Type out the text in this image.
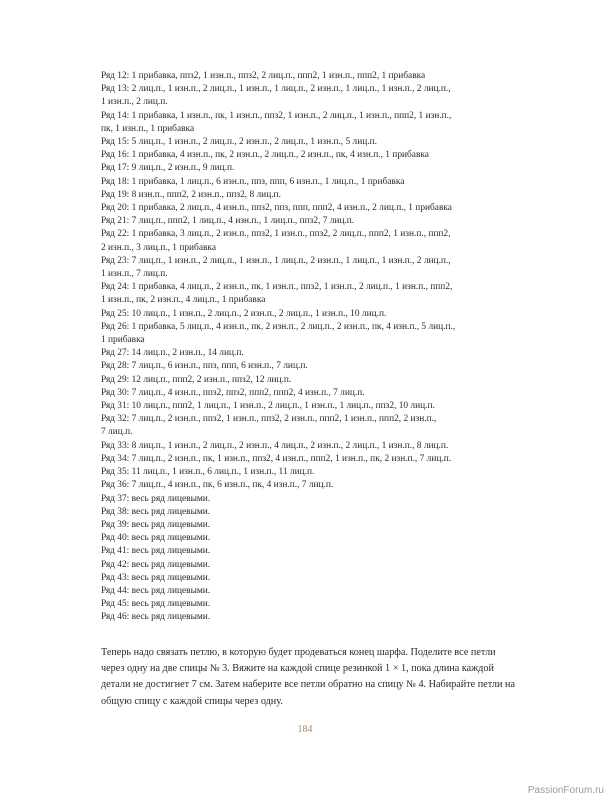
Ряд 12: 1 прибавка, ппз2, 1 изн.п., ппз2, 2 лиц.п., ппп2, 1 изн.п., ппп2, 1 прибавка

Ряд 13: 2 лиц.п., 1 изн.п., 2 лиц.п., 1 изн.п., 1 лиц.п., 2 изн.п., 1 лиц.п., 1 изн.п., 2 лиц.п.,

1 изн.п., 2 лиц.п.

Ряд 14: 1 прибавка, 1 изн.п., пк, 1 изн.п., ппз2, 1 изн.п., 2 лиц.п., 1 изн.п., ппп2, 1 изн.п.,

пк, 1 изн.п., 1 прибавка

Ряд 15: 5 лиц.п., 1 изн.п., 2 лиц.п., 2 изн.п., 2 лиц.п., 1 изн.п., 5 лиц.п.

Ряд 16: 1 прибавка, 4 изн.п., пк, 2 изн.п., 2 лиц.п., 2 изн.п., пк, 4 изн.п., 1 прибавка

Ряд 17: 9 лиц.п., 2 изн.п., 9 лиц.п.

Ряд 18: 1 прибавка, 1 лиц.п., 6 изн.п., ппз, ппп, 6 изн.п., 1 лиц.п., 1 прибавка

Ряд 19: 8 изн.п., ппп2, 2 изн.п., ппз2, 8 лиц.п.

Ряд 20: 1 прибавка, 2 лиц.п., 4 изн.п., ппз2, ппз, ппп, ппп2, 4 изн.п., 2 лиц.п., 1 прибавка

Ряд 21: 7 лиц.п., ппп2, 1 лиц.п., 4 изн.п., 1 лиц.п., ппз2, 7 лиц.п.

Ряд 22: 1 прибавка, 3 лиц.п., 2 изн.п., ппз2, 1 изн.п., ппз2, 2 лиц.п., ппп2, 1 изн.п., ппп2,

2 изн.п., 3 лиц.п., 1 прибавка

Ряд 23: 7 лиц.п., 1 изн.п., 2 лиц.п., 1 изн.п., 1 лиц.п., 2 изн.п., 1 лиц.п., 1 изн.п., 2 лиц.п.,

1 изн.п., 7 лиц.п.

Ряд 24: 1 прибавка, 4 лиц.п., 2 изн.п., пк, 1 изн.п., ппз2, 1 изн.п., 2 лиц.п., 1 изн.п., ппп2,

1 изн.п., пк, 2 изн.п., 4 лиц.п., 1 прибавка

Ряд 25: 10 лиц.п., 1 изн.п., 2 лиц.п., 2 изн.п., 2 лиц.п., 1 изн.п., 10 лиц.п.

Ряд 26: 1 прибавка, 5 лиц.п., 4 изн.п., пк, 2 изн.п., 2 лиц.п., 2 изн.п., пк, 4 изн.п., 5 лиц.п.,

1 прибавка

Ряд 27: 14 лиц.п., 2 изн.п., 14 лиц.п.

Ряд 28: 7 лиц.п., 6 изн.п., ппз, ппп, 6 изн.п., 7 лиц.п.

Ряд 29: 12 лиц.п., ппп2, 2 изн.п., ппз2, 12 лиц.п.

Ряд 30: 7 лиц.п., 4 изн.п., ппз2, ппз2, ппп2, ппп2, 4 изн.п., 7 лиц.п.

Ряд 31: 10 лиц.п., ппп2, 1 лиц.п., 1 изн.п., 2 лиц.п., 1 изн.п., 1 лиц.п., ппз2, 10 лиц.п.

Ряд 32: 7 лиц.п., 2 изн.п., ппз2, 1 изн.п., ппз2, 2 изн.п., ппп2, 1 изн.п., ппп2, 2 изн.п.,

7 лиц.п.

Ряд 33: 8 лиц.п., 1 изн.п., 2 лиц.п., 2 изн.п., 4 лиц.п., 2 изн.п., 2 лиц.п., 1 изн.п., 8 лиц.п.

Ряд 34: 7 лиц.п., 2 изн.п., пк, 1 изн.п., ппз2, 4 изн.п., ппп2, 1 изн.п., пк, 2 изн.п., 7 лиц.п.

Ряд 35: 11 лиц.п., 1 изн.п., 6 лиц.п., 1 изн.п., 11 лиц.п.

Ряд 36: 7 лиц.п., 4 изн.п., пк, 6 изн.п., пк, 4 изн.п., 7 лиц.п.

Ряд 37: весь ряд лицевыми.

Ряд 38: весь ряд лицевыми.

Ряд 39: весь ряд лицевыми.

Ряд 40: весь ряд лицевыми.

Ряд 41: весь ряд лицевыми.

Ряд 42: весь ряд лицевыми.

Ряд 43: весь ряд лицевыми.

Ряд 44: весь ряд лицевыми.

Ряд 45: весь ряд лицевыми.

Ряд 46: весь ряд лицевыми.

Теперь надо связать петлю, в которую будет продеваться конец шарфа. Поделите все петли через одну на две спицы № 3. Вяжите на каждой спице резинкой 1 × 1, пока длина каждой детали не достигнет 7 см. Затем наберите все петли обратно на спицу № 4. Набирайте петли на общую спицу с каждой спицы через одну.

184
PassionForum.ru
